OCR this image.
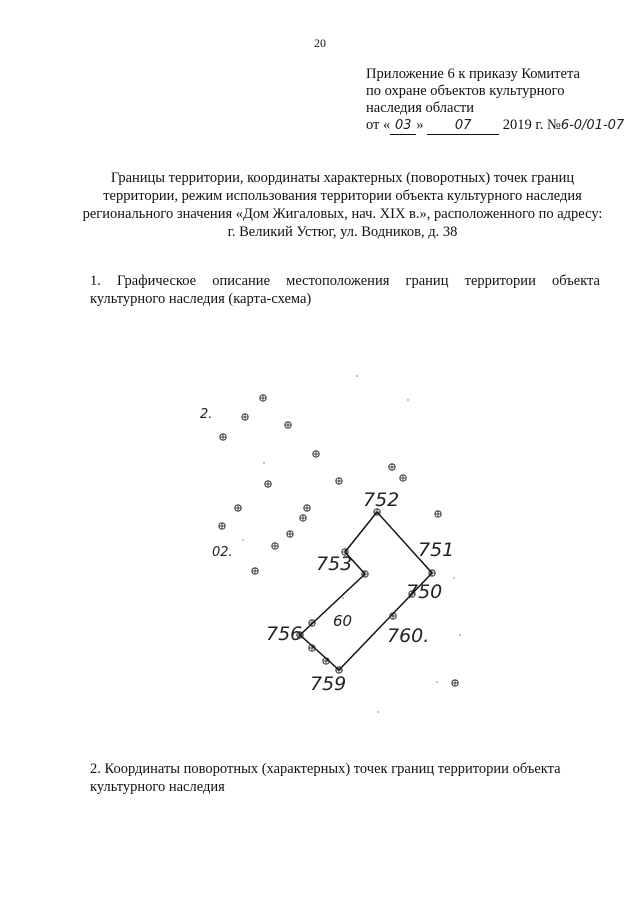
20
Приложение 6 к приказу Комитета
по охране объектов культурного
наследия области
от « 03 » 07 2019 г. №6-0/01-07
Границы территории, координаты характерных (поворотных) точек границ территории, режим использования территории объекта культурного наследия регионального значения «Дом Жигаловых, нач. XIX в.», расположенного по адресу: г. Великий Устюг, ул. Водников, д. 38
1. Графическое описание местоположения границ территории объекта культурного наследия (карта-схема)
752
753
751
750
756	760.
759
60
2.
02.
2. Координаты поворотных (характерных) точек границ территории объекта культурного наследия
